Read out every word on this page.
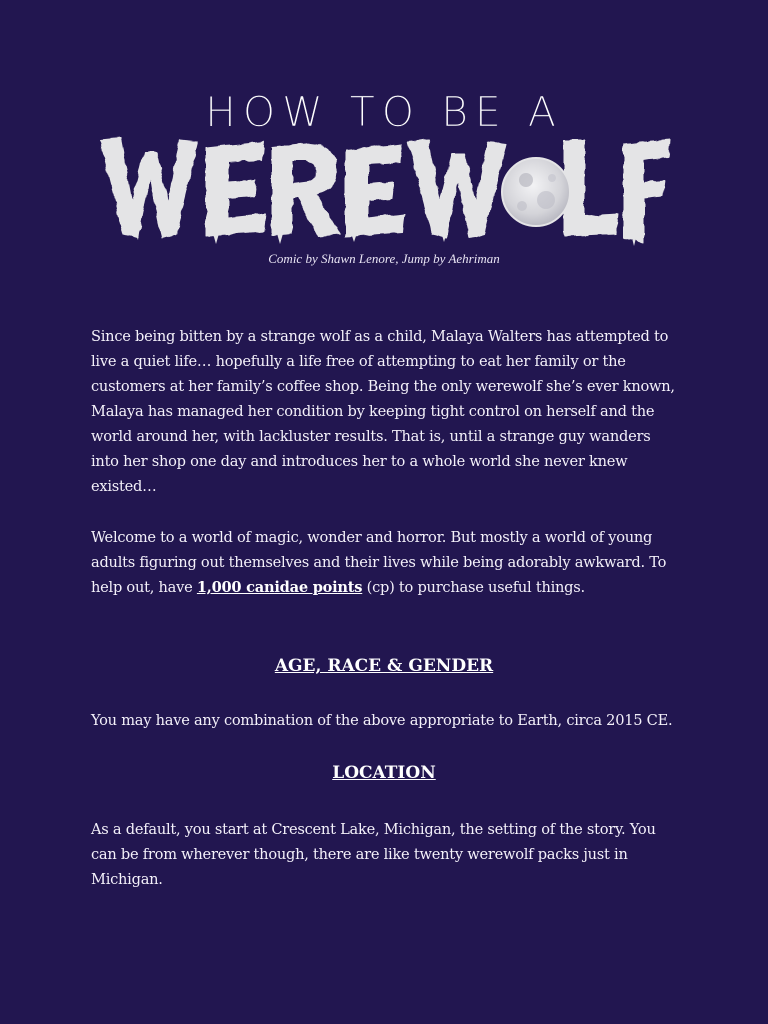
HOW TO BE A
Comic by Shawn Lenore, Jump by Aehriman

Since being bitten by a strange wolf as a child, Malaya Walters has attempted to live a quiet life… hopefully a life free of attempting to eat her family or the customers at her family’s coffee shop. Being the only werewolf she’s ever known, Malaya has managed her condition by keeping tight control on herself and the world around her, with lackluster results. That is, until a strange guy wanders into her shop one day and introduces her to a whole world she never knew existed…

Welcome to a world of magic, wonder and horror. But mostly a world of young adults figuring out themselves and their lives while being adorably awkward. To help out, have 1,000 canidae points (cp) to purchase useful things.

AGE, RACE & GENDER

You may have any combination of the above appropriate to Earth, circa 2015 CE.

LOCATION

As a default, you start at Crescent Lake, Michigan, the setting of the story. You can be from wherever though, there are like twenty werewolf packs just in Michigan.
